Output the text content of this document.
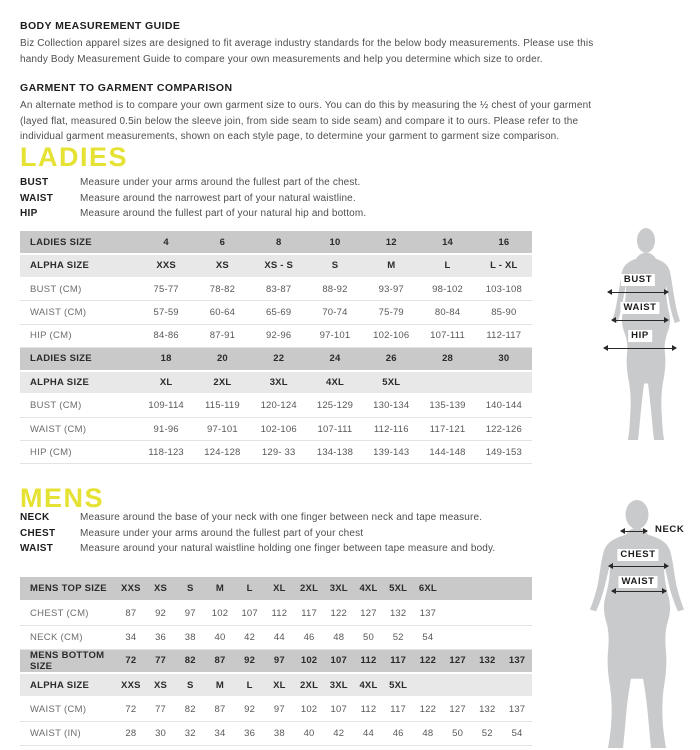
BODY MEASUREMENT GUIDE

Biz Collection apparel sizes are designed to fit average industry standards for the below body measurements. Please use this handy Body Measurement Guide to compare your own measurements and help you determine which size to order.

GARMENT TO GARMENT COMPARISON

An alternate method is to compare your own garment size to ours. You can do this by measuring the ½ chest of your garment (layed flat, measured 0.5in below the sleeve join, from side seam to side seam) and compare it to ours. Please refer to the individual garment measurements, shown on each style page, to determine your garment to garment size comparison.

LADIES
BUST	Measure under your arms around the fullest part of the chest.
WAIST	Measure around the narrowest part of your natural waistline.
HIP	Measure around the fullest part of your natural hip and bottom.
LADIES SIZE	4	6	8	10	12	14	16
ALPHA SIZE	XXS	XS	XS - S	S	M	L	L - XL
BUST (CM)	75-77	78-82	83-87	88-92	93-97	98-102	103-108
WAIST (CM)	57-59	60-64	65-69	70-74	75-79	80-84	85-90
HIP (CM)	84-86	87-91	92-96	97-101	102-106	107-111	112-117
LADIES SIZE	18	20	22	24	26	28	30
ALPHA SIZE	XL	2XL	3XL	4XL	5XL		
BUST (CM)	109-114	115-119	120-124	125-129	130-134	135-139	140-144
WAIST (CM)	91-96	97-101	102-106	107-111	112-116	117-121	122-126
HIP (CM)	118-123	124-128	129- 33	134-138	139-143	144-148	149-153
BUST
WAIST
HIP
MENS
NECK	Measure around the base of your neck with one finger between neck and tape measure.
CHEST	Measure under your arms around the fullest part of your chest
WAIST	Measure around your natural waistline holding one finger between tape measure and body.
MENS TOP SIZE	XXS	XS	S	M	L	XL	2XL	3XL	4XL	5XL	6XL			
CHEST (CM)	87	92	97	102	107	112	117	122	127	132	137			
NECK (CM)	34	36	38	40	42	44	46	48	50	52	54			
MENS BOTTOM SIZE	72	77	82	87	92	97	102	107	112	117	122	127	132	137
ALPHA SIZE	XXS	XS	S	M	L	XL	2XL	3XL	4XL	5XL				
WAIST (CM)	72	77	82	87	92	97	102	107	112	117	122	127	132	137
WAIST (IN)	28	30	32	34	36	38	40	42	44	46	48	50	52	54
NECK
CHEST
WAIST
